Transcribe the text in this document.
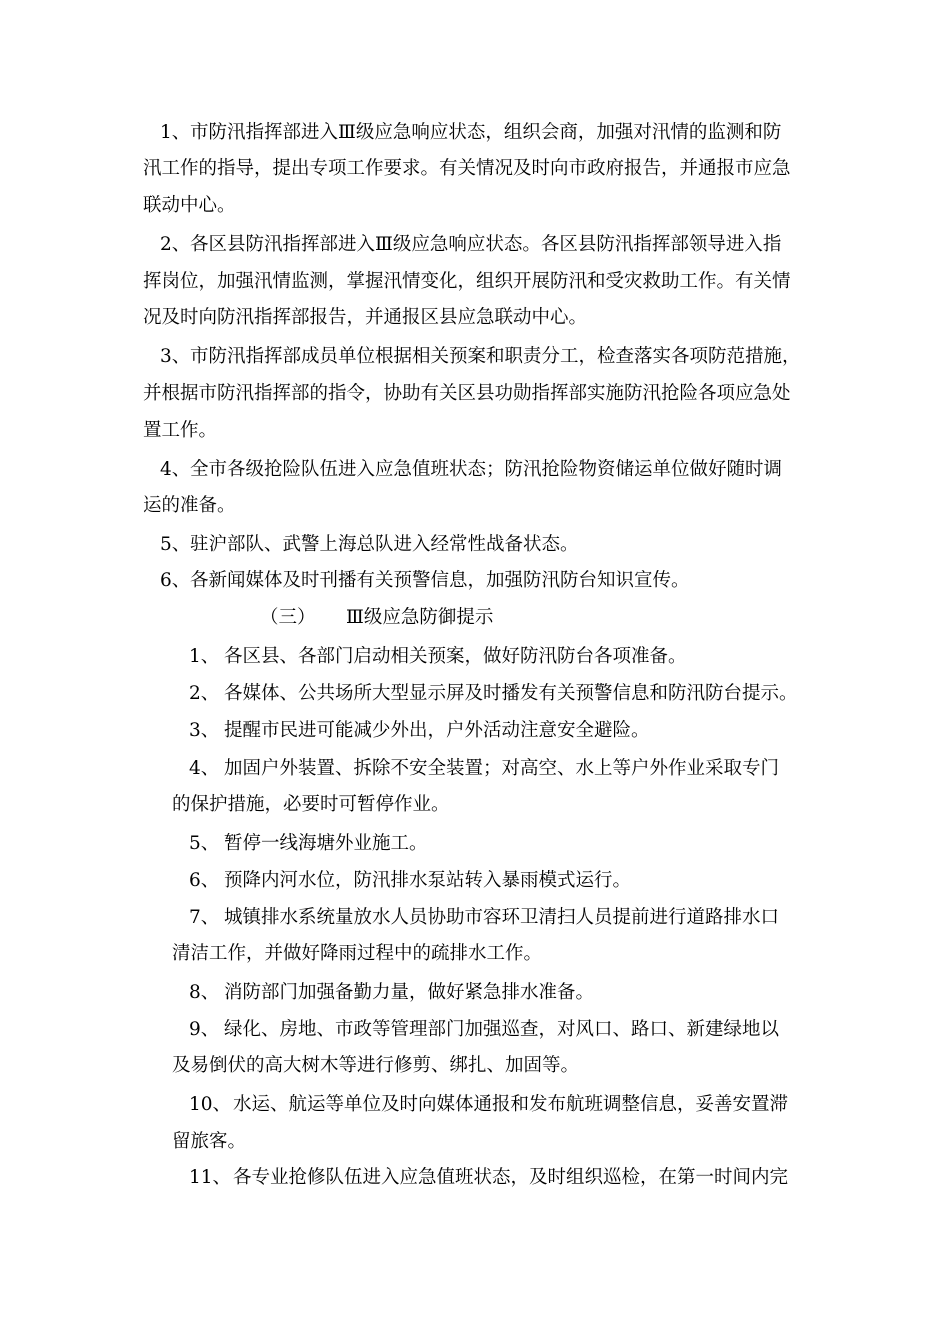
1、 市防汛指挥部进入Ⅲ级应急响应状态，组织会商，加强对汛情的监测和防
汛工作的指导，提出专项工作要求。有关情况及时向市政府报告，并通报市应急
联动中心。
2、 各区县防汛指挥部进入Ⅲ级应急响应状态。各区县防汛指挥部领导进入指
挥岗位，加强汛情监测，掌握汛情变化，组织开展防汛和受灾救助工作。有关情
况及时向防汛指挥部报告，并通报区县应急联动中心。
3、 市防汛指挥部成员单位根据相关预案和职责分工，检查落实各项防范措施，
并根据市防汛指挥部的指令，协助有关区县功勋指挥部实施防汛抢险各项应急处
置工作。
4、 全市各级抢险队伍进入应急值班状态；防汛抢险物资储运单位做好随时调
运的准备。
5、 驻沪部队、武警上海总队进入经常性战备状态。
6、 各新闻媒体及时刊播有关预警信息，加强防汛防台知识宣传。
（三） Ⅲ级应急防御提示
1、 各区县、各部门启动相关预案，做好防汛防台各项准备。
2、 各媒体、公共场所大型显示屏及时播发有关预警信息和防汛防台提示。
3、 提醒市民进可能减少外出，户外活动注意安全避险。
4、 加固户外装置、拆除不安全装置；对高空、水上等户外作业采取专门
的保护措施，必要时可暂停作业。
5、 暂停一线海塘外业施工。
6、 预降内河水位，防汛排水泵站转入暴雨模式运行。
7、 城镇排水系统量放水人员协助市容环卫清扫人员提前进行道路排水口
清洁工作，并做好降雨过程中的疏排水工作。
8、 消防部门加强备勤力量，做好紧急排水准备。
9、 绿化、房地、市政等管理部门加强巡查，对风口、路口、新建绿地以
及易倒伏的高大树木等进行修剪、绑扎、加固等。
10、 水运、航运等单位及时向媒体通报和发布航班调整信息，妥善安置滞
留旅客。
11、 各专业抢修队伍进入应急值班状态，及时组织巡检，在第一时间内完
